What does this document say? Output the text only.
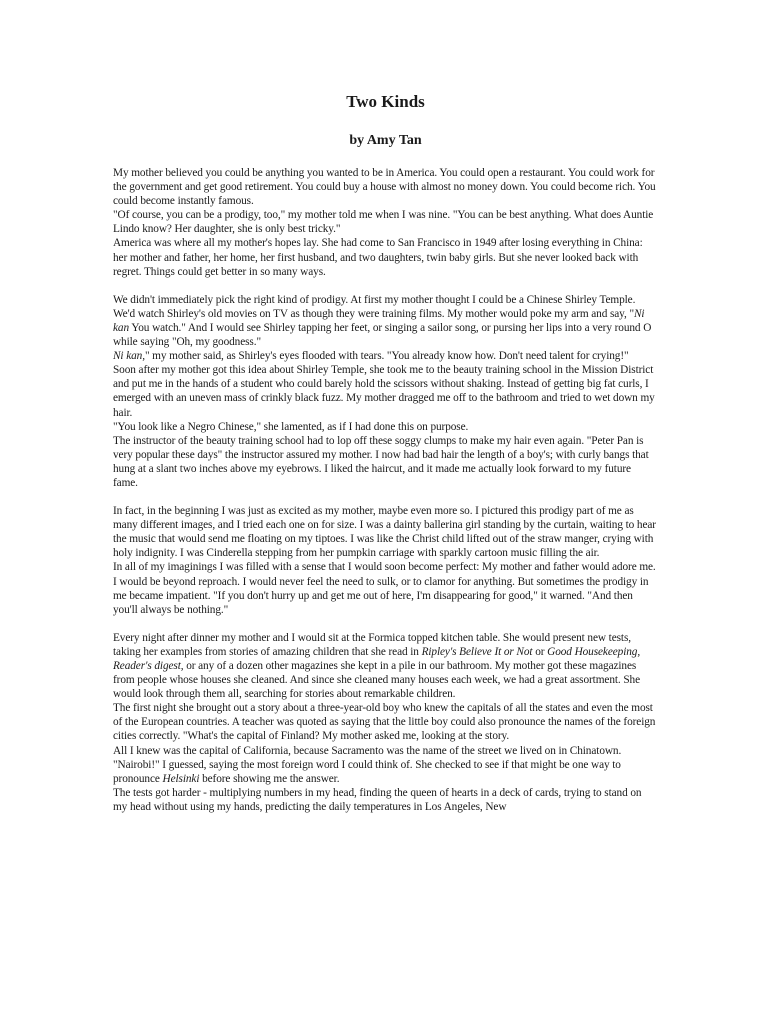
Two Kinds
by Amy Tan

My mother believed you could be anything you wanted to be in America. You could open a restaurant. You could work for the government and get good retirement. You could buy a house with almost no money down. You could become rich. You could become instantly famous.

"Of course, you can be a prodigy, too," my mother told me when I was nine. "You can be best anything. What does Auntie Lindo know? Her daughter, she is only best tricky."

America was where all my mother's hopes lay. She had come to San Francisco in 1949 after losing everything in China: her mother and father, her home, her first husband, and two daughters, twin baby girls. But she never looked back with regret. Things could get better in so many ways.

We didn't immediately pick the right kind of prodigy. At first my mother thought I could be a Chinese Shirley Temple. We'd watch Shirley's old movies on TV as though they were training films. My mother would poke my arm and say, "Ni kan You watch." And I would see Shirley tapping her feet, or singing a sailor song, or pursing her lips into a very round O while saying "Oh, my goodness."

Ni kan," my mother said, as Shirley's eyes flooded with tears. "You already know how. Don't need talent for crying!"

Soon after my mother got this idea about Shirley Temple, she took me to the beauty training school in the Mission District and put me in the hands of a student who could barely hold the scissors without shaking. Instead of getting big fat curls, I emerged with an uneven mass of crinkly black fuzz. My mother dragged me off to the bathroom and tried to wet down my hair.

"You look like a Negro Chinese," she lamented, as if I had done this on purpose.

The instructor of the beauty training school had to lop off these soggy clumps to make my hair even again. "Peter Pan is very popular these days" the instructor assured my mother. I now had bad hair the length of a boy's; with curly bangs that hung at a slant two inches above my eyebrows. I liked the haircut, and it made me actually look forward to my future fame.

In fact, in the beginning I was just as excited as my mother, maybe even more so. I pictured this prodigy part of me as many different images, and I tried each one on for size. I was a dainty ballerina girl standing by the curtain, waiting to hear the music that would send me floating on my tiptoes. I was like the Christ child lifted out of the straw manger, crying with holy indignity. I was Cinderella stepping from her pumpkin carriage with sparkly cartoon music filling the air.

In all of my imaginings I was filled with a sense that I would soon become perfect: My mother and father would adore me. I would be beyond reproach. I would never feel the need to sulk, or to clamor for anything. But sometimes the prodigy in me became impatient. "If you don't hurry up and get me out of here, I'm disappearing for good," it warned. "And then you'll always be nothing."

Every night after dinner my mother and I would sit at the Formica topped kitchen table. She would present new tests, taking her examples from stories of amazing children that she read in Ripley's Believe It or Not or Good Housekeeping, Reader's digest, or any of a dozen other magazines she kept in a pile in our bathroom. My mother got these magazines from people whose houses she cleaned. And since she cleaned many houses each week, we had a great assortment. She would look through them all, searching for stories about remarkable children.

The first night she brought out a story about a three-year-old boy who knew the capitals of all the states and even the most of the European countries. A teacher was quoted as saying that the little boy could also pronounce the names of the foreign cities correctly. "What's the capital of Finland? My mother asked me, looking at the story.

All I knew was the capital of California, because Sacramento was the name of the street we lived on in Chinatown. "Nairobi!" I guessed, saying the most foreign word I could think of. She checked to see if that might be one way to pronounce Helsinki before showing me the answer.

The tests got harder - multiplying numbers in my head, finding the queen of hearts in a deck of cards, trying to stand on my head without using my hands, predicting the daily temperatures in Los Angeles, New
